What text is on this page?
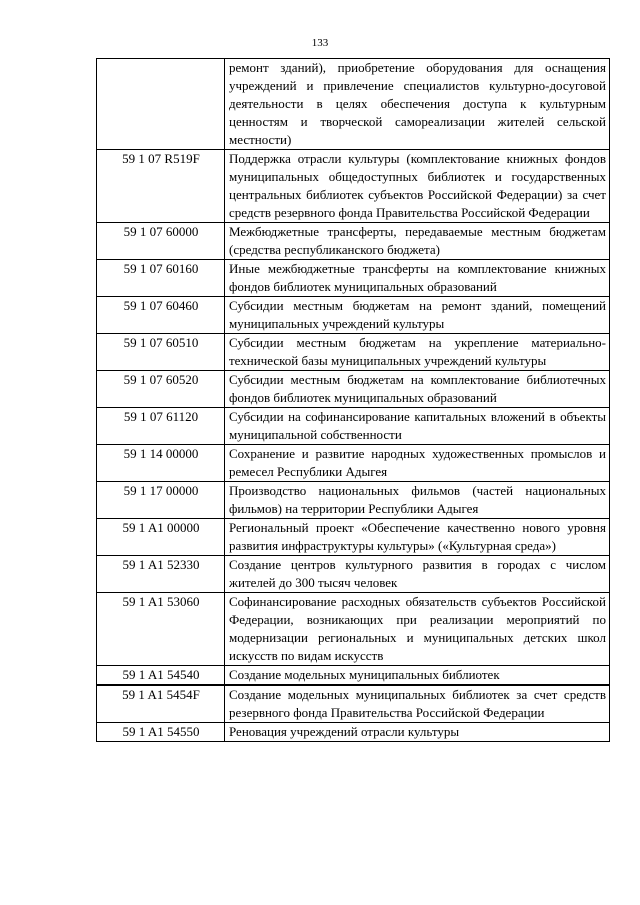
133
	ремонт зданий), приобретение оборудования для оснащения учреждений и привлечение специалистов культурно-досуговой деятельности в целях обеспечения доступа к культурным ценностям и творческой самореализации жителей сельской местности)
59 1 07 R519F	Поддержка отрасли культуры (комплектование книжных фондов муниципальных общедоступных библиотек и государственных центральных библиотек субъектов Российской Федерации) за счет средств резервного фонда Правительства Российской Федерации
59 1 07 60000	Межбюджетные трансферты, передаваемые местным бюджетам (средства республиканского бюджета)
59 1 07 60160	Иные межбюджетные трансферты на комплектование книжных фондов библиотек муниципальных образований
59 1 07 60460	Субсидии местным бюджетам на ремонт зданий, помещений муниципальных учреждений культуры
59 1 07 60510	Субсидии местным бюджетам на укрепление материально-технической базы муниципальных учреждений культуры
59 1 07 60520	Субсидии местным бюджетам на комплектование библиотечных фондов библиотек муниципальных образований
59 1 07 61120	Субсидии на софинансирование капитальных вложений в объекты муниципальной собственности
59 1 14 00000	Сохранение и развитие народных художественных промыслов и ремесел Республики Адыгея
59 1 17 00000	Производство национальных фильмов (частей национальных фильмов) на территории Республики Адыгея
59 1 A1 00000	Региональный проект «Обеспечение качественно нового уровня развития инфраструктуры культуры» («Культурная среда»)
59 1 A1 52330	Создание центров культурного развития в городах с числом жителей до 300 тысяч человек
59 1 A1 53060	Софинансирование расходных обязательств субъектов Российской Федерации, возникающих при реализации мероприятий по модернизации региональных и муниципальных детских школ искусств по видам искусств
59 1 A1 54540	Создание модельных муниципальных библиотек
59 1 A1 5454F	Создание модельных муниципальных библиотек за счет средств резервного фонда Правительства Российской Федерации
59 1 A1 54550	Реновация учреждений отрасли культуры
